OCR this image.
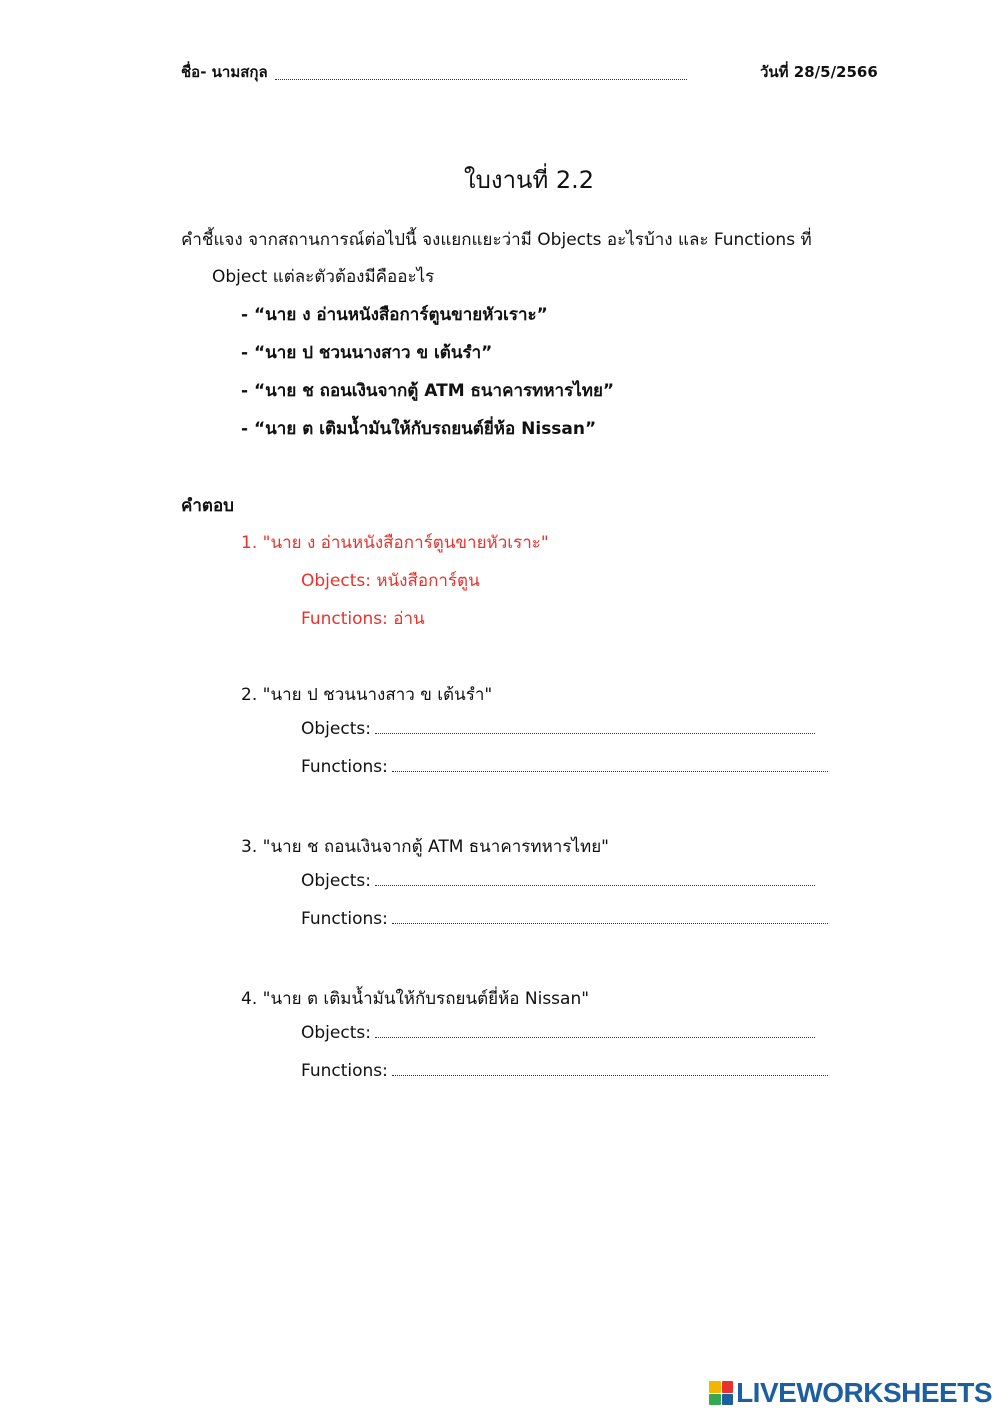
ชื่อ- นามสกุล	วันที่ 28/5/2566
ใบงานที่ 2.2
คำชี้แจง จากสถานการณ์ต่อไปนี้ จงแยกแยะว่ามี Objects อะไรบ้าง และ Functions ที่
Object แต่ละตัวต้องมีคืออะไร
- “นาย ง อ่านหนังสือการ์ตูนขายหัวเราะ”
- “นาย ป ชวนนางสาว ข เต้นรำ”
- “นาย ช ถอนเงินจากตู้ ATM ธนาคารทหารไทย”
- “นาย ต เติมน้ำมันให้กับรถยนต์ยี่ห้อ Nissan”
คำตอบ
1. "นาย ง อ่านหนังสือการ์ตูนขายหัวเราะ"
Objects: หนังสือการ์ตูน
Functions: อ่าน
2. "นาย ป ชวนนางสาว ข เต้นรำ"
Objects:
Functions:
3. "นาย ช ถอนเงินจากตู้ ATM ธนาคารทหารไทย"
Objects:
Functions:
4. "นาย ต เติมน้ำมันให้กับรถยนต์ยี่ห้อ Nissan"
Objects:
Functions:
LIVEWORKSHEETS
